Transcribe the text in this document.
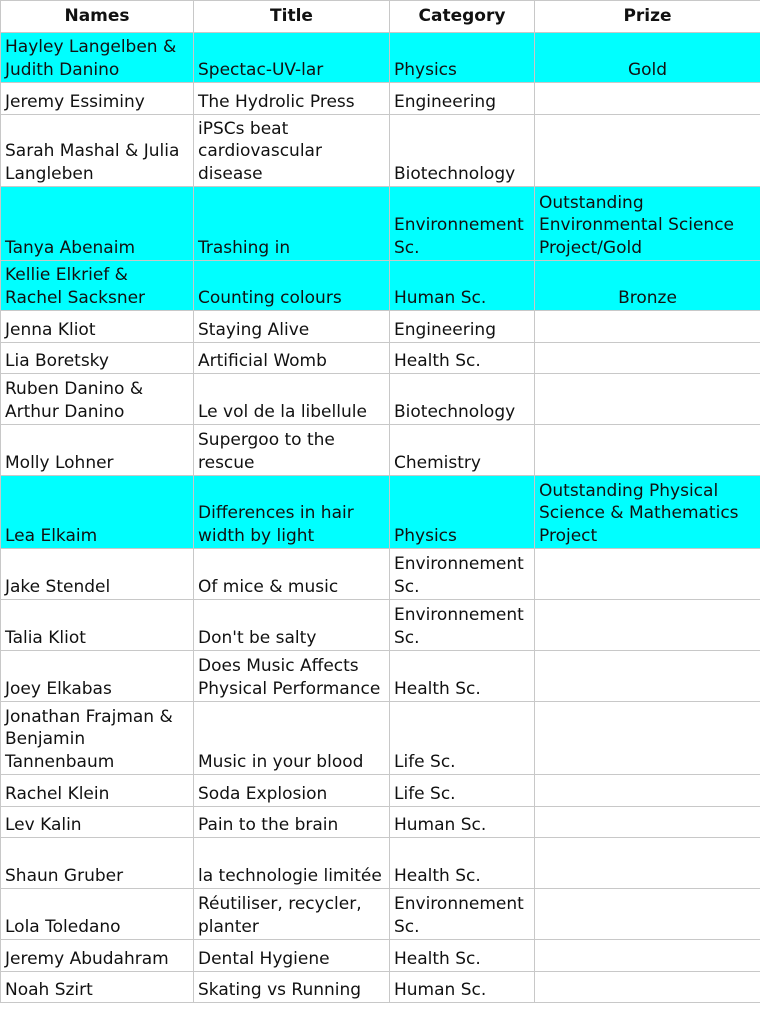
Names	Title	Category	Prize
Hayley Langelben & Judith Danino	Spectac-UV-lar	Physics	Gold
Jeremy Essiminy	The Hydrolic Press	Engineering	
Sarah Mashal & Julia Langleben	iPSCs beat cardiovascular disease	Biotechnology	
Tanya Abenaim	Trashing in	Environnement Sc.	Outstanding Environmental Science Project/Gold
Kellie Elkrief & Rachel Sacksner	Counting colours	Human Sc.	Bronze
Jenna Kliot	Staying Alive	Engineering	
Lia Boretsky	Artificial Womb	Health Sc.	
Ruben Danino & Arthur Danino	Le vol de la libellule	Biotechnology	
Molly Lohner	Supergoo to the rescue	Chemistry	
Lea Elkaim	Differences in hair width by light	Physics	Outstanding Physical Science & Mathematics Project
Jake Stendel	Of mice & music	Environnement Sc.	
Talia Kliot	Don't be salty	Environnement Sc.	
Joey Elkabas	Does Music Affects Physical Performance	Health Sc.	
Jonathan Frajman & Benjamin Tannenbaum	Music in your blood	Life Sc.	
Rachel Klein	Soda Explosion	Life Sc.	
Lev Kalin	Pain to the brain	Human Sc.	
Shaun Gruber	la technologie limitée	Health Sc.	
Lola Toledano	Réutiliser, recycler, planter	Environnement Sc.	
Jeremy Abudahram	Dental Hygiene	Health Sc.	
Noah Szirt	Skating vs Running	Human Sc.	
